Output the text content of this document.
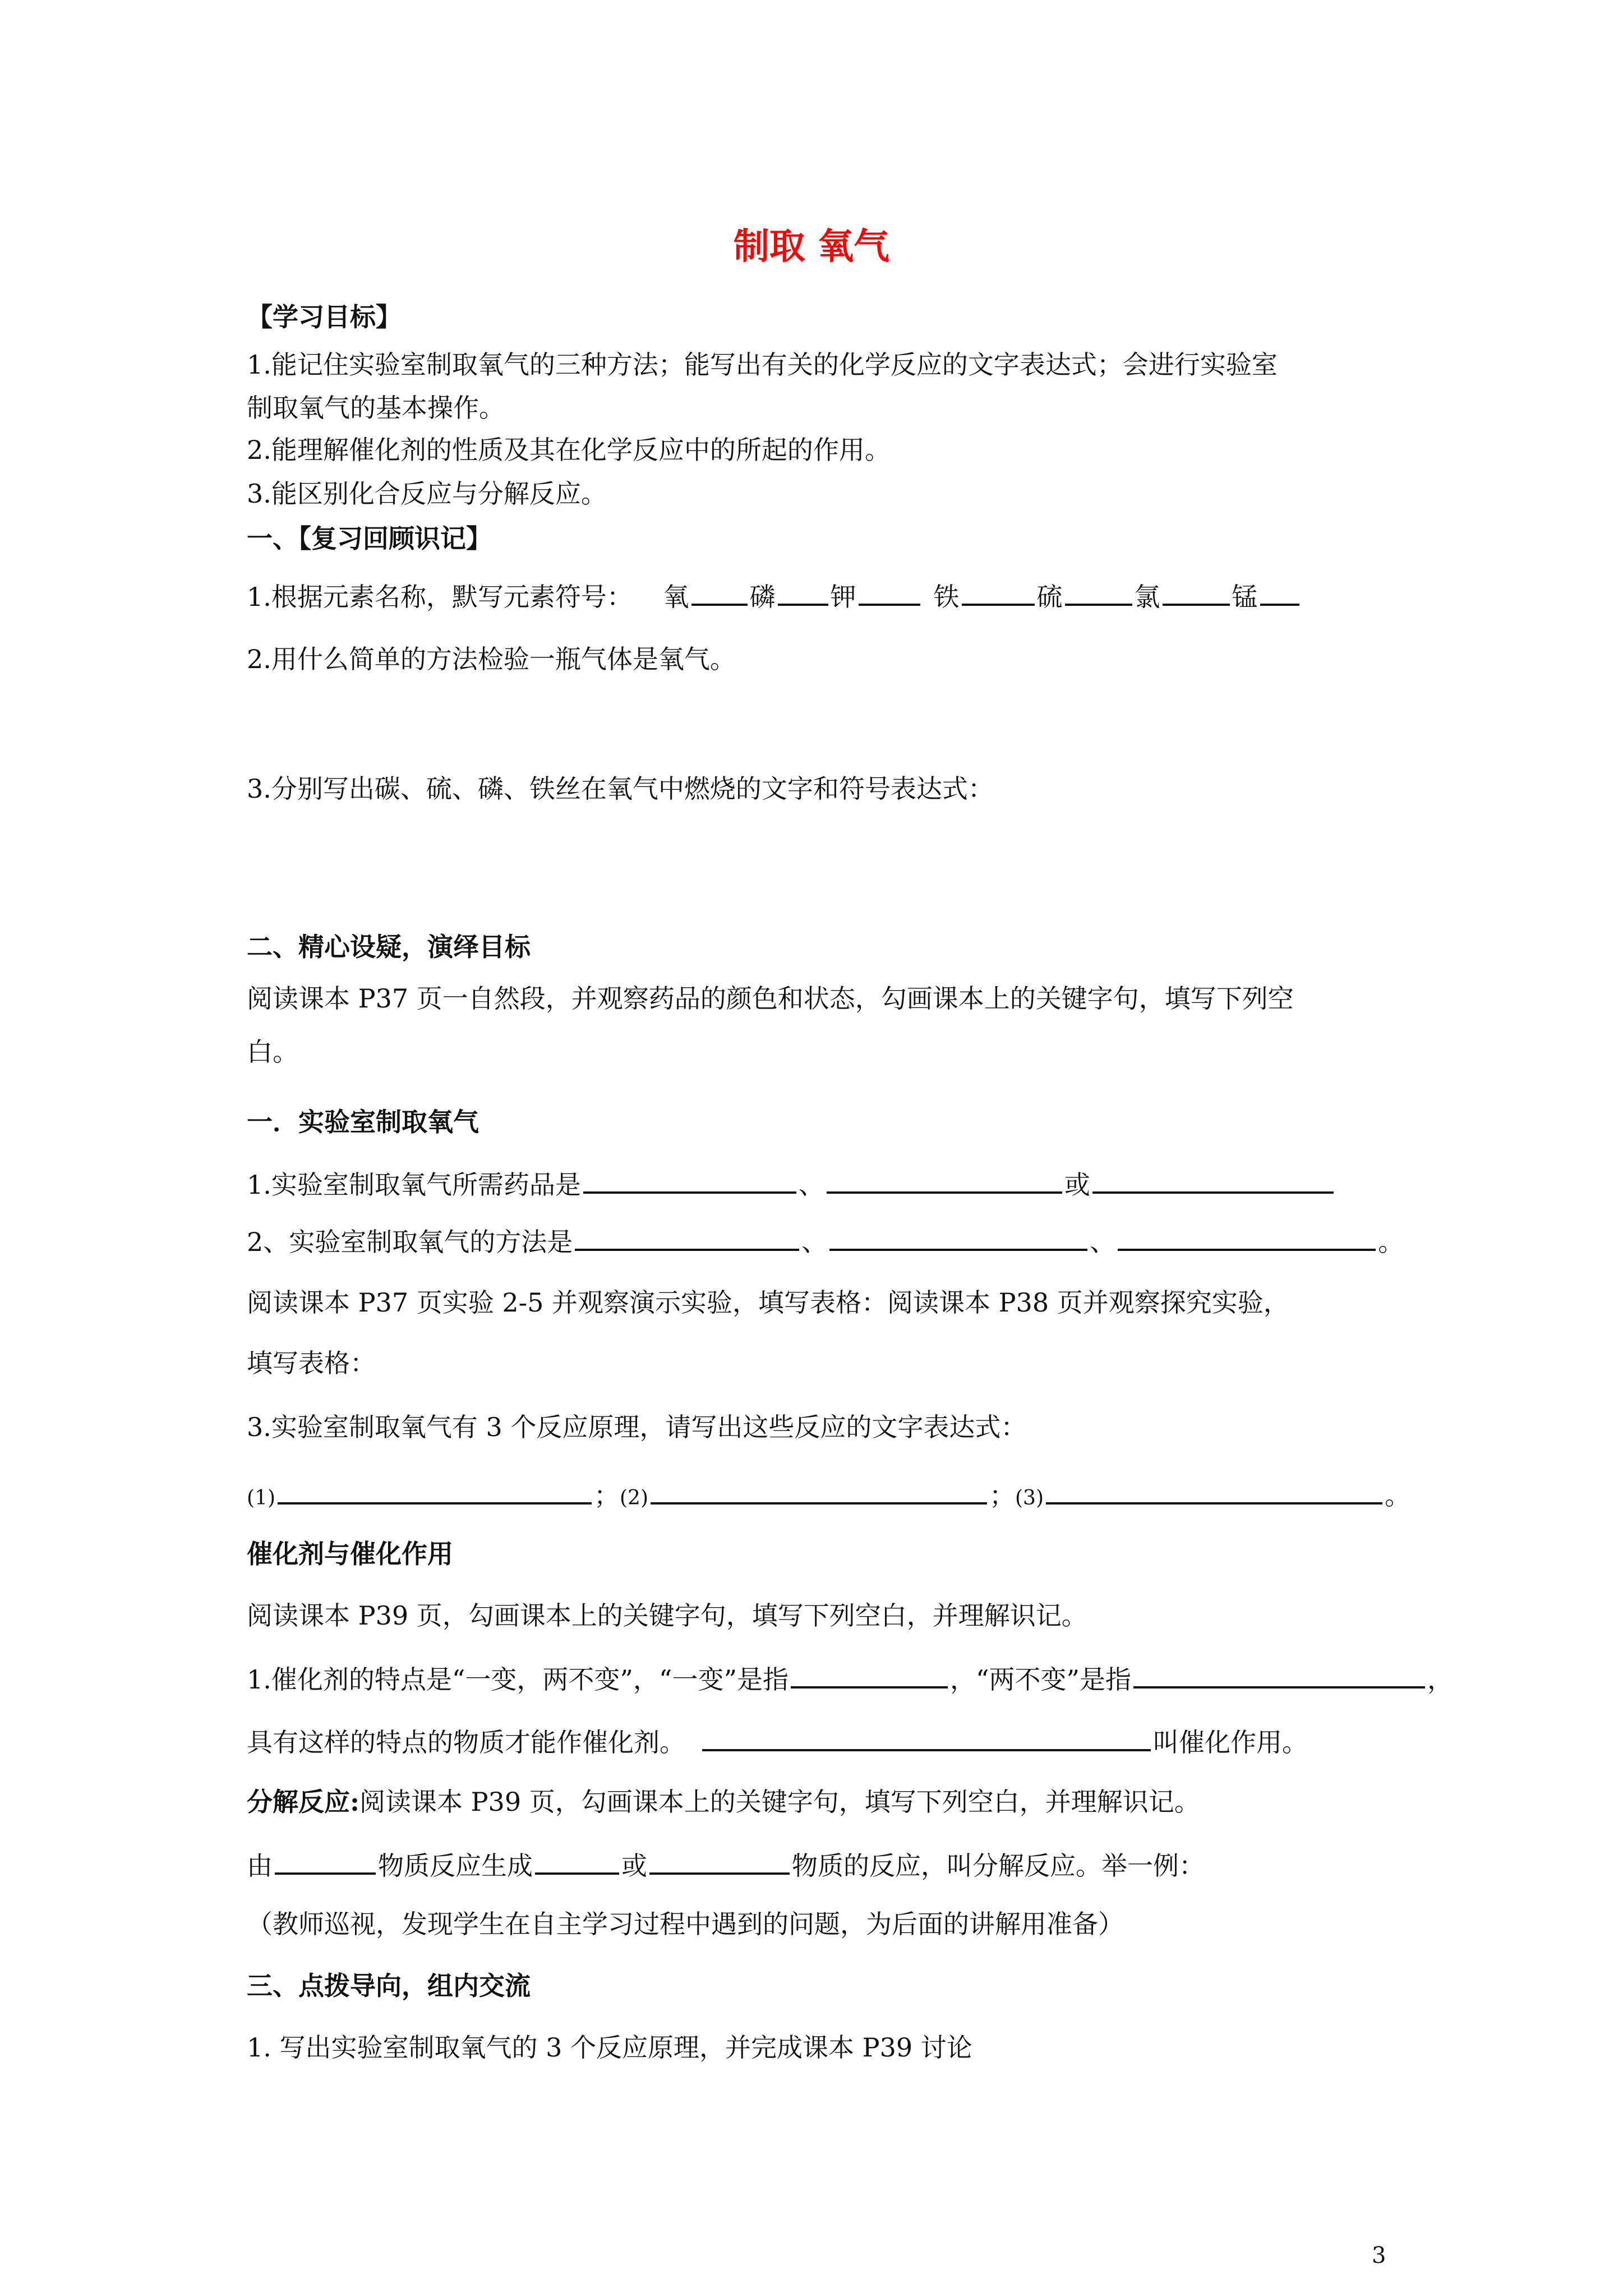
制取 氧气
【学习目标】
1.能记住实验室制取氧气的三种方法；能写出有关的化学反应的文字表达式；会进行实验室
制取氧气的基本操作。
2.能理解催化剂的性质及其在化学反应中的所起的作用。
3.能区别化合反应与分解反应。
一、【复习回顾识记】
1.根据元素名称，默写元素符号： 氧 磷 钾	铁	硫	氯	锰
2.用什么简单的方法检验一瓶气体是氧气。
3.分别写出碳、硫、磷、铁丝在氧气中燃烧的文字和符号表达式：
二、精心设疑，演绎目标
阅读课本 P37 页一自然段，并观察药品的颜色和状态，勾画课本上的关键字句，填写下列空
白。
一．实验室制取氧气
1.实验室制取氧气所需药品是	、	或
2、实验室制取氧气的方法是	、	、	。
阅读课本 P37 页实验 2-5 并观察演示实验，填写表格：阅读课本 P38 页并观察探究实验，
填写表格：
3.实验室制取氧气有 3 个反应原理，请写出这些反应的文字表达式：
(1)	；(2)	；(3)	。
催化剂与催化作用
阅读课本 P39 页，勾画课本上的关键字句，填写下列空白，并理解识记。
1.催化剂的特点是“一变，两不变”，“一变”是指	，“两不变”是指	，
具有这样的特点的物质才能作催化剂。	叫催化作用。
分解反应:阅读课本 P39 页，勾画课本上的关键字句，填写下列空白，并理解识记。
由	物质反应生成	或	物质的反应，叫分解反应。举一例：
（教师巡视，发现学生在自主学习过程中遇到的问题，为后面的讲解用准备）
三、点拨导向，组内交流
1. 写出实验室制取氧气的 3 个反应原理，并完成课本 P39 讨论
3
